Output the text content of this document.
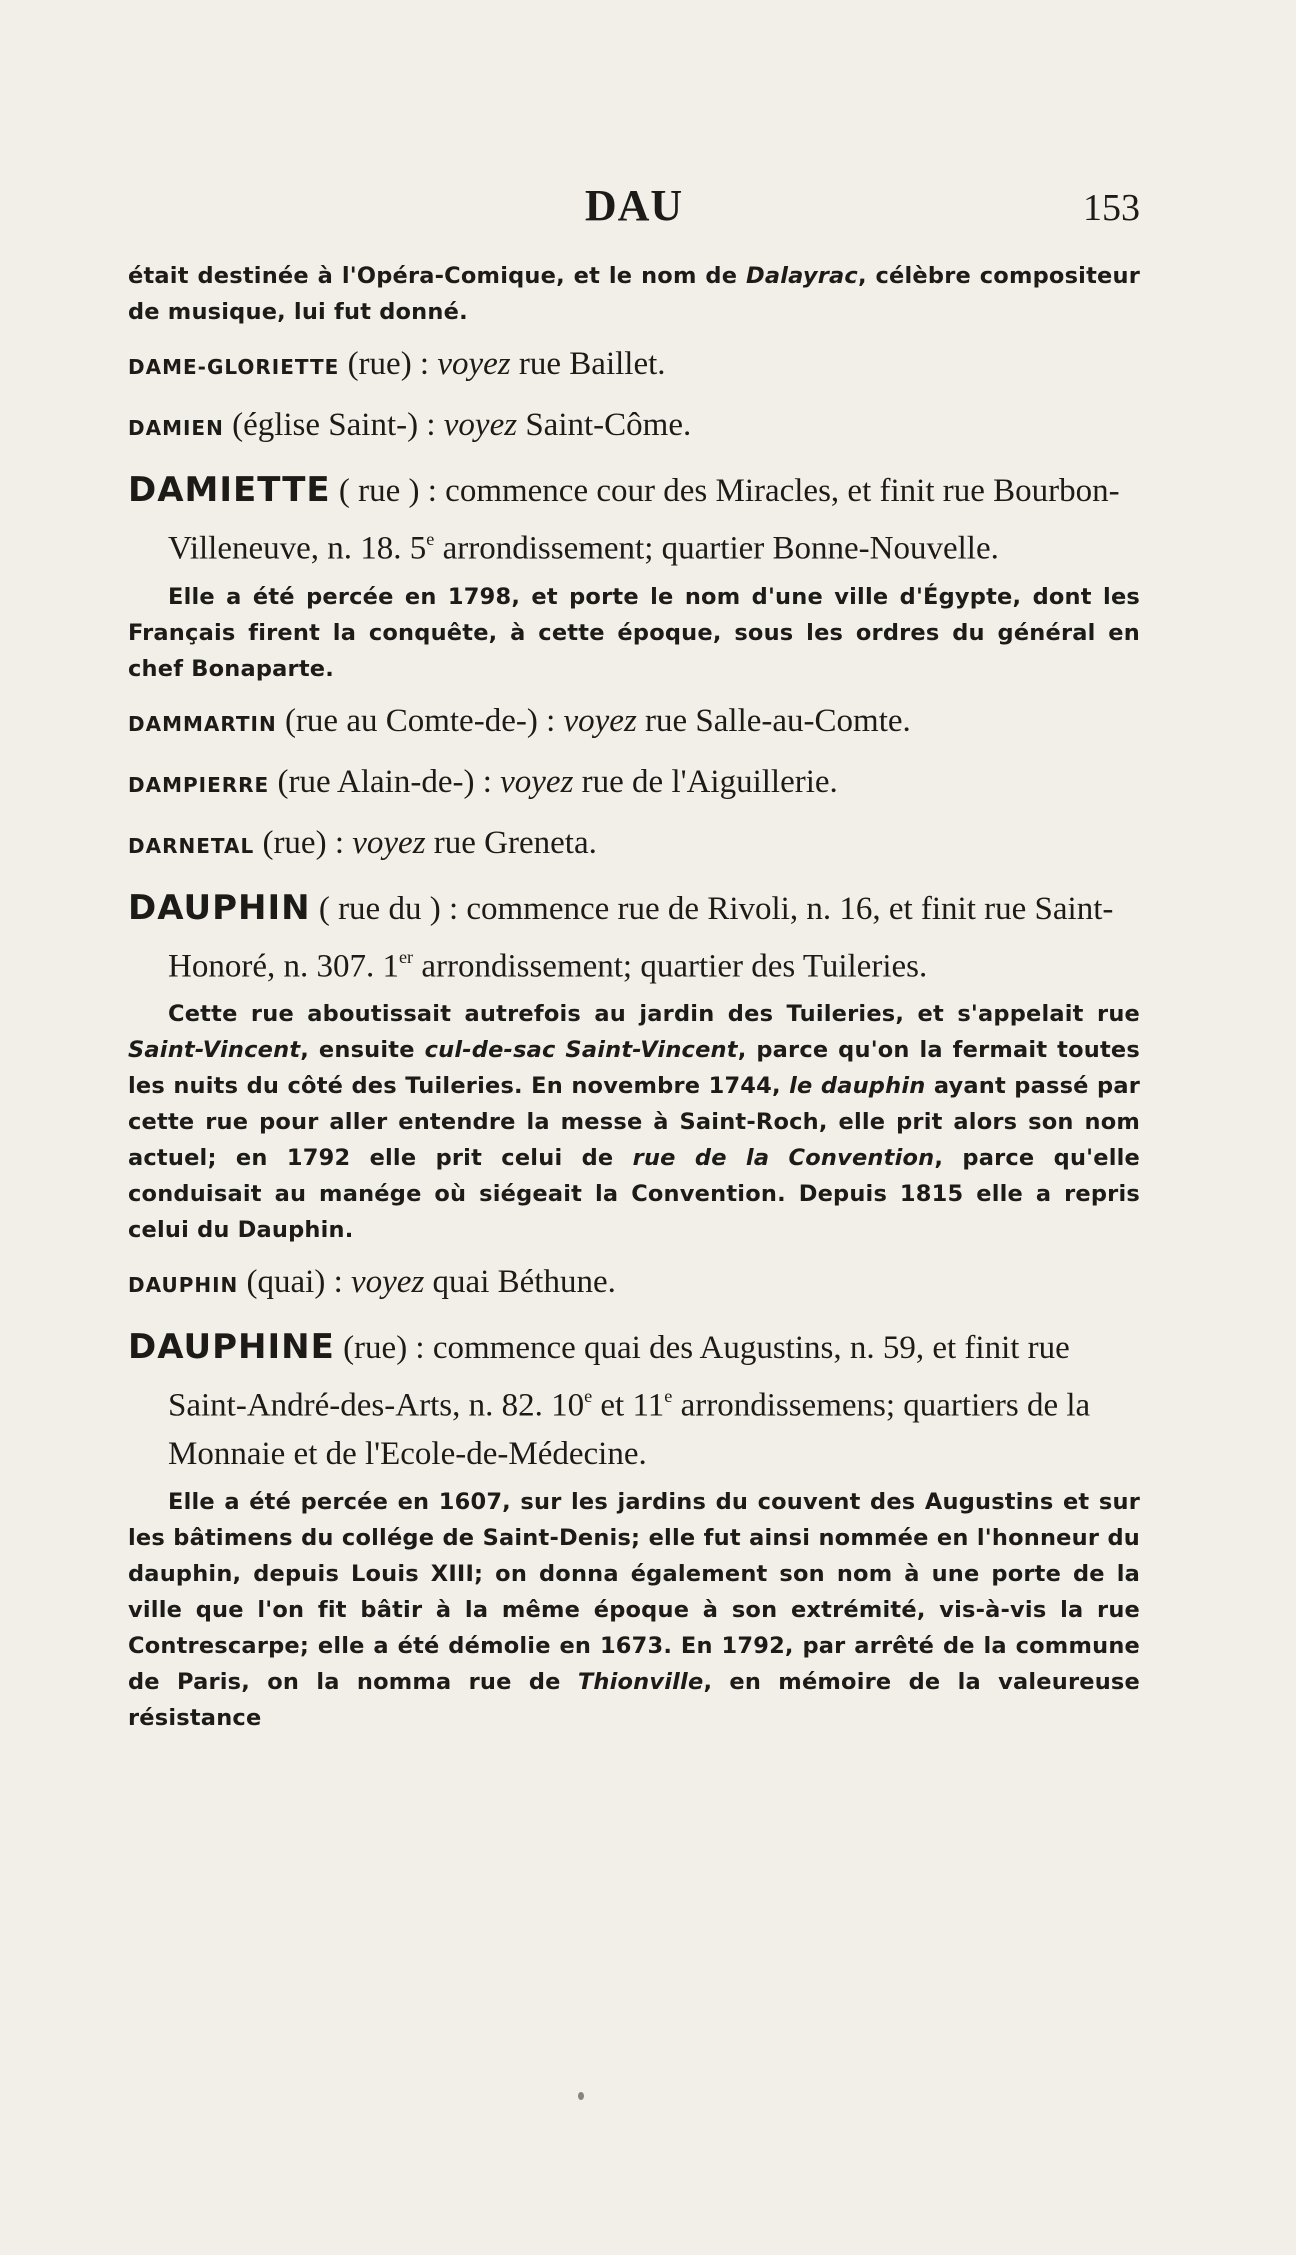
DAU	153

était destinée à l'Opéra-Comique, et le nom de Dalayrac, célèbre compositeur de musique, lui fut donné.

DAME-GLORIETTE (rue) : voyez rue Baillet.

DAMIEN (église Saint-) : voyez Saint-Côme.

DAMIETTE ( rue ) : commence cour des Miracles, et finit rue Bourbon-Villeneuve, n. 18. 5e arrondissement; quartier Bonne-Nouvelle.

Elle a été percée en 1798, et porte le nom d'une ville d'Égypte, dont les Français firent la conquête, à cette époque, sous les ordres du général en chef Bonaparte.

DAMMARTIN (rue au Comte-de-) : voyez rue Salle-au-Comte.

DAMPIERRE (rue Alain-de-) : voyez rue de l'Aiguillerie.

DARNETAL (rue) : voyez rue Greneta.

DAUPHIN ( rue du ) : commence rue de Rivoli, n. 16, et finit rue Saint-Honoré, n. 307. 1er arrondissement; quartier des Tuileries.

Cette rue aboutissait autrefois au jardin des Tuileries, et s'appelait rue Saint-Vincent, ensuite cul-de-sac Saint-Vincent, parce qu'on la fermait toutes les nuits du côté des Tuileries. En novembre 1744, le dauphin ayant passé par cette rue pour aller entendre la messe à Saint-Roch, elle prit alors son nom actuel; en 1792 elle prit celui de rue de la Convention, parce qu'elle conduisait au manége où siégeait la Convention. Depuis 1815 elle a repris celui du Dauphin.

DAUPHIN (quai) : voyez quai Béthune.

DAUPHINE (rue) : commence quai des Augustins, n. 59, et finit rue Saint-André-des-Arts, n. 82. 10e et 11e arrondissemens; quartiers de la Monnaie et de l'Ecole-de-Médecine.

Elle a été percée en 1607, sur les jardins du couvent des Augustins et sur les bâtimens du collége de Saint-Denis; elle fut ainsi nommée en l'honneur du dauphin, depuis Louis XIII; on donna également son nom à une porte de la ville que l'on fit bâtir à la même époque à son extrémité, vis-à-vis la rue Contrescarpe; elle a été démolie en 1673. En 1792, par arrêté de la commune de Paris, on la nomma rue de Thionville, en mémoire de la valeureuse résistance
